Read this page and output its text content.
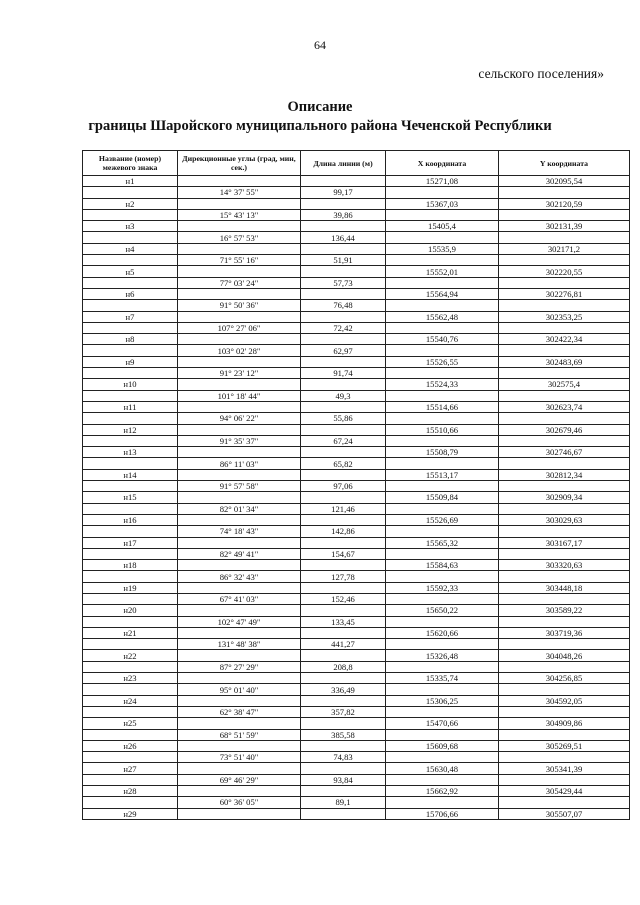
64
сельского поселения»
Описание
границы Шаройского муниципального района Чеченской Республики
Название (номер) межевого знака	Дирекционные углы (град, мин, сек.)	Длина линии (м)	X координата	Y координата
н1			15271,08	302095,54
	14° 37' 55"	99,17		
н2			15367,03	302120,59
	15° 43' 13"	39,86		
н3			15405,4	302131,39
	16° 57' 53"	136,44		
н4			15535,9	302171,2
	71° 55' 16"	51,91		
н5			15552,01	302220,55
	77° 03' 24"	57,73		
н6			15564,94	302276,81
	91° 50' 36"	76,48		
н7			15562,48	302353,25
	107° 27' 06"	72,42		
н8			15540,76	302422,34
	103° 02' 28"	62,97		
н9			15526,55	302483,69
	91° 23' 12"	91,74		
н10			15524,33	302575,4
	101° 18' 44"	49,3		
н11			15514,66	302623,74
	94° 06' 22"	55,86		
н12			15510,66	302679,46
	91° 35' 37"	67,24		
н13			15508,79	302746,67
	86° 11' 03"	65,82		
н14			15513,17	302812,34
	91° 57' 58"	97,06		
н15			15509,84	302909,34
	82° 01' 34"	121,46		
н16			15526,69	303029,63
	74° 18' 43"	142,86		
н17			15565,32	303167,17
	82° 49' 41"	154,67		
н18			15584,63	303320,63
	86° 32' 43"	127,78		
н19			15592,33	303448,18
	67° 41' 03"	152,46		
н20			15650,22	303589,22
	102° 47' 49"	133,45		
н21			15620,66	303719,36
	131° 48' 38"	441,27		
н22			15326,48	304048,26
	87° 27' 29"	208,8		
н23			15335,74	304256,85
	95° 01' 40"	336,49		
н24			15306,25	304592,05
	62° 38' 47"	357,82		
н25			15470,66	304909,86
	68° 51' 59"	385,58		
н26			15609,68	305269,51
	73° 51' 40"	74,83		
н27			15630,48	305341,39
	69° 46' 29"	93,84		
н28			15662,92	305429,44
	60° 36' 05"	89,1		
н29			15706,66	305507,07
